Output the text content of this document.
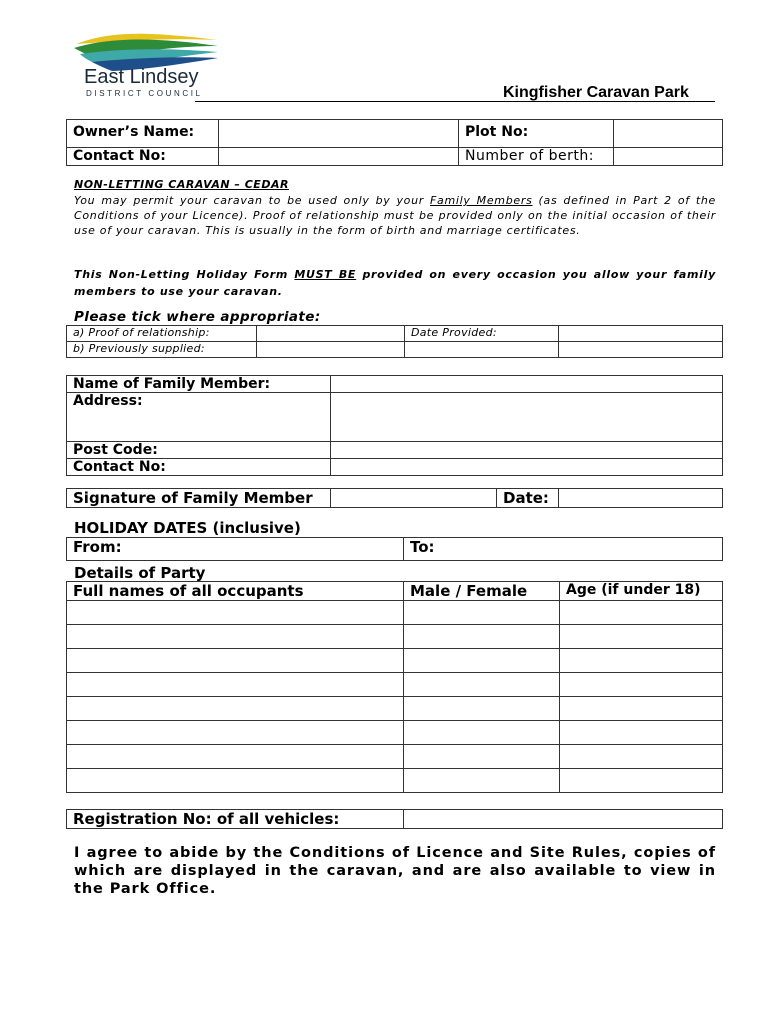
East Lindsey
DISTRICT COUNCIL	Kingfisher Caravan Park
Owner’s Name:		Plot No:	
Contact No:		Number of berth:	
NON-LETTING CARAVAN – CEDAR
You may permit your caravan to be used only by your Family Members (as defined in Part 2 of the Conditions of your Licence). Proof of relationship must be provided only on the initial occasion of their use of your caravan. This is usually in the form of birth and marriage certificates.
This Non-Letting Holiday Form MUST BE provided on every occasion you allow your family members to use your caravan.
Please tick where appropriate:
a) Proof of relationship:		Date Provided:	
b) Previously supplied:			
Name of Family Member:	
Address:	
Post Code:	
Contact No:	
Signature of Family Member		Date:	
HOLIDAY DATES (inclusive)
From:	To:
Details of Party
Full names of all occupants	Male / Female	Age (if under 18)

Registration No: of all vehicles:	
I agree to abide by the Conditions of Licence and Site Rules, copies of which are displayed in the caravan, and are also available to view in the Park Office.
